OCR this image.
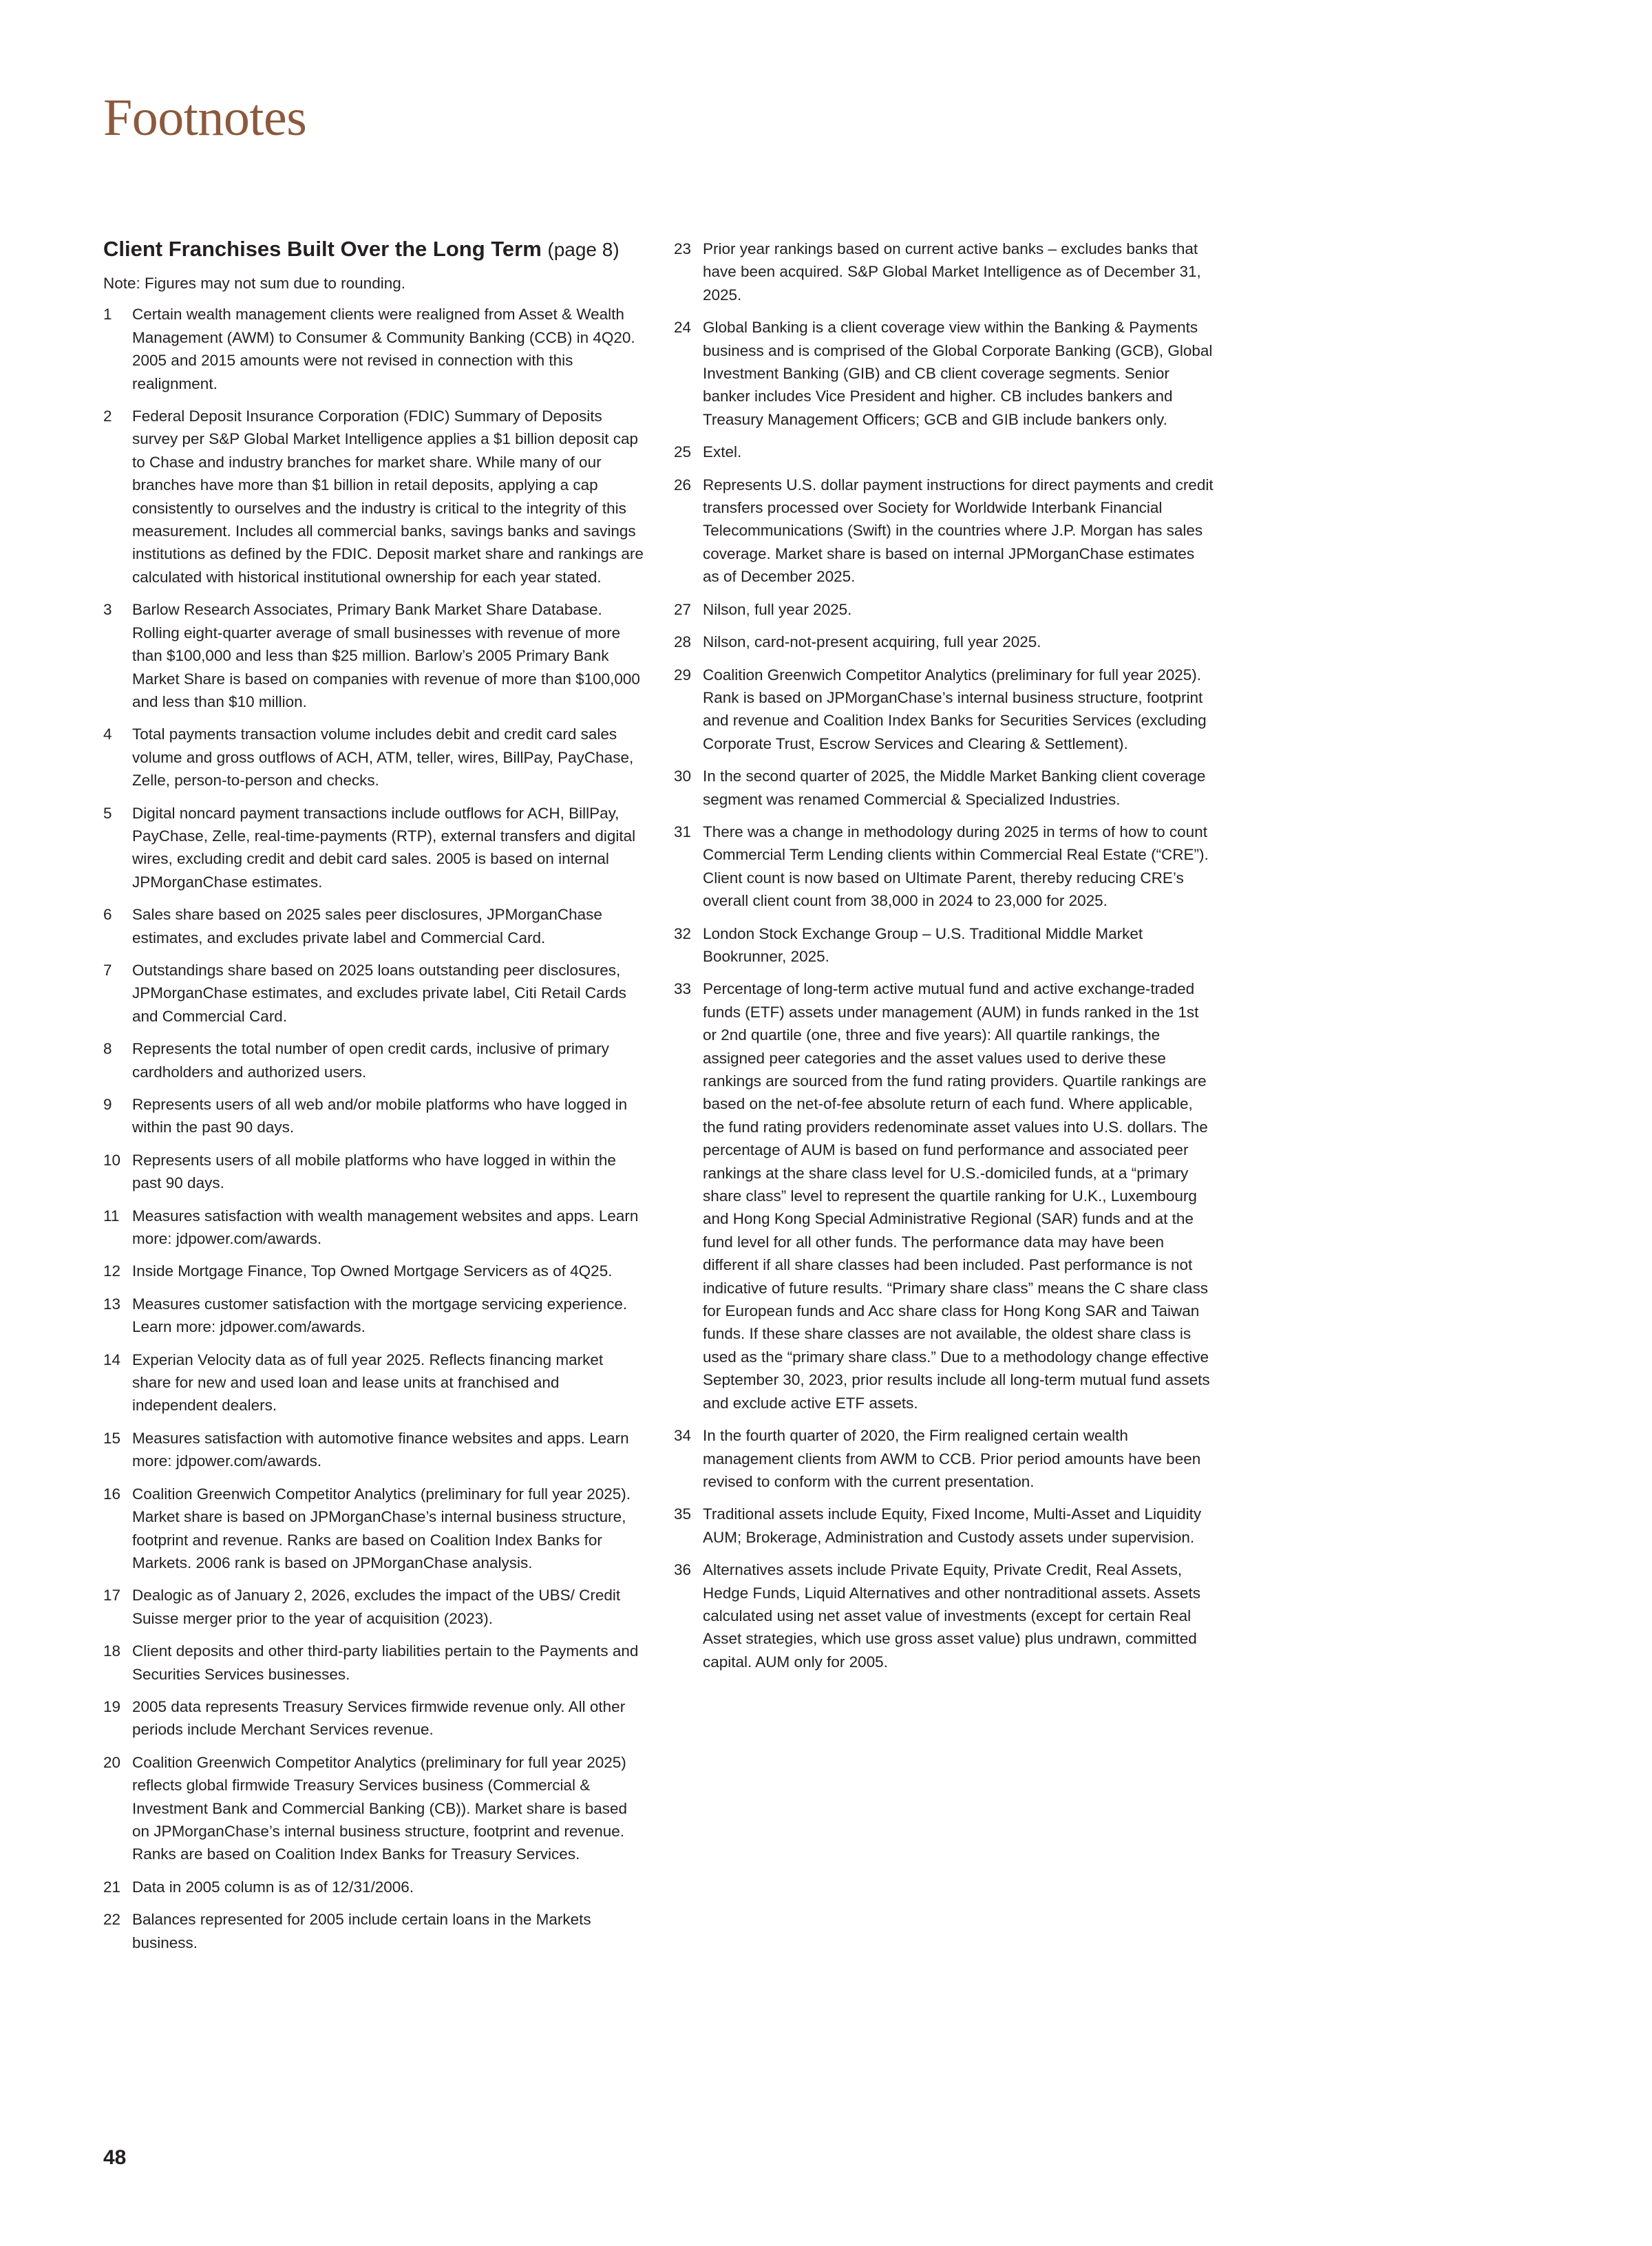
Footnotes
Client Franchises Built Over the Long Term (page 8)

Note: Figures may not sum due to rounding.

1	Certain wealth management clients were realigned from Asset & Wealth Management (AWM) to Consumer & Community Banking (CCB) in 4Q20. 2005 and 2015 amounts were not revised in connection with this realignment.
2	Federal Deposit Insurance Corporation (FDIC) Summary of Deposits survey per S&P Global Market Intelligence applies a $1 billion deposit cap to Chase and industry branches for market share. While many of our branches have more than $1 billion in retail deposits, applying a cap consistently to ourselves and the industry is critical to the integrity of this measurement. Includes all commercial banks, savings banks and savings institutions as defined by the FDIC. Deposit market share and rankings are calculated with historical institutional ownership for each year stated.
3	Barlow Research Associates, Primary Bank Market Share Database. Rolling eight-quarter average of small businesses with revenue of more than $100,000 and less than $25 million. Barlow’s 2005 Primary Bank Market Share is based on companies with revenue of more than $100,000 and less than $10 million.
4	Total payments transaction volume includes debit and credit card sales volume and gross outflows of ACH, ATM, teller, wires, BillPay, PayChase, Zelle, person-to-person and checks.
5	Digital noncard payment transactions include outflows for ACH, BillPay, PayChase, Zelle, real-time-payments (RTP), external transfers and digital wires, excluding credit and debit card sales. 2005 is based on internal JPMorganChase estimates.
6	Sales share based on 2025 sales peer disclosures, JPMorganChase estimates, and excludes private label and Commercial Card.
7	Outstandings share based on 2025 loans outstanding peer disclosures, JPMorganChase estimates, and excludes private label, Citi Retail Cards and Commercial Card.
8	Represents the total number of open credit cards, inclusive of primary cardholders and authorized users.
9	Represents users of all web and/or mobile platforms who have logged in within the past 90 days.
10 Represents users of all mobile platforms who have logged in within the past 90 days.
11 Measures satisfaction with wealth management websites and apps. Learn more: jdpower.com/awards.
12 Inside Mortgage Finance, Top Owned Mortgage Servicers as of 4Q25.
13 Measures customer satisfaction with the mortgage servicing experience. Learn more: jdpower.com/awards.
14 Experian Velocity data as of full year 2025. Reflects financing market share for new and used loan and lease units at franchised and independent dealers.
15 Measures satisfaction with automotive finance websites and apps. Learn more: jdpower.com/awards.
16 Coalition Greenwich Competitor Analytics (preliminary for full year 2025). Market share is based on JPMorganChase’s internal business structure, footprint and revenue. Ranks are based on Coalition Index Banks for Markets. 2006 rank is based on JPMorganChase analysis.
17 Dealogic as of January 2, 2026, excludes the impact of the UBS/ Credit Suisse merger prior to the year of acquisition (2023).
18 Client deposits and other third-party liabilities pertain to the Payments and Securities Services businesses.
19 2005 data represents Treasury Services firmwide revenue only. All other periods include Merchant Services revenue.
20 Coalition Greenwich Competitor Analytics (preliminary for full year 2025) reflects global firmwide Treasury Services business (Commercial & Investment Bank and Commercial Banking (CB)). Market share is based on JPMorganChase’s internal business structure, footprint and revenue. Ranks are based on Coalition Index Banks for Treasury Services.
21 Data in 2005 column is as of 12/31/2006.
22 Balances represented for 2005 include certain loans in the Markets business.
23 Prior year rankings based on current active banks – excludes banks that have been acquired. S&P Global Market Intelligence as of December 31, 2025.
24 Global Banking is a client coverage view within the Banking & Payments business and is comprised of the Global Corporate Banking (GCB), Global Investment Banking (GIB) and CB client coverage segments. Senior banker includes Vice President and higher. CB includes bankers and Treasury Management Officers; GCB and GIB include bankers only.
25 Extel.
26 Represents U.S. dollar payment instructions for direct payments and credit transfers processed over Society for Worldwide Interbank Financial Telecommunications (Swift) in the countries where J.P. Morgan has sales coverage. Market share is based on internal JPMorganChase estimates as of December 2025.
27 Nilson, full year 2025.
28 Nilson, card-not-present acquiring, full year 2025.
29 Coalition Greenwich Competitor Analytics (preliminary for full year 2025). Rank is based on JPMorganChase’s internal business structure, footprint and revenue and Coalition Index Banks for Securities Services (excluding Corporate Trust, Escrow Services and Clearing & Settlement).
30 In the second quarter of 2025, the Middle Market Banking client coverage segment was renamed Commercial & Specialized Industries.
31 There was a change in methodology during 2025 in terms of how to count Commercial Term Lending clients within Commercial Real Estate (“CRE”). Client count is now based on Ultimate Parent, thereby reducing CRE’s overall client count from 38,000 in 2024 to 23,000 for 2025.
32 London Stock Exchange Group – U.S. Traditional Middle Market Bookrunner, 2025.
33 Percentage of long-term active mutual fund and active exchange-traded funds (ETF) assets under management (AUM) in funds ranked in the 1st or 2nd quartile (one, three and five years): All quartile rankings, the assigned peer categories and the asset values used to derive these rankings are sourced from the fund rating providers. Quartile rankings are based on the net-of-fee absolute return of each fund. Where applicable, the fund rating providers redenominate asset values into U.S. dollars. The percentage of AUM is based on fund performance and associated peer rankings at the share class level for U.S.-domiciled funds, at a “primary share class” level to represent the quartile ranking for U.K., Luxembourg and Hong Kong Special Administrative Regional (SAR) funds and at the fund level for all other funds. The performance data may have been different if all share classes had been included. Past performance is not indicative of future results. “Primary share class” means the C share class for European funds and Acc share class for Hong Kong SAR and Taiwan funds. If these share classes are not available, the oldest share class is used as the “primary share class.” Due to a methodology change effective September 30, 2023, prior results include all long-term mutual fund assets and exclude active ETF assets.
34 In the fourth quarter of 2020, the Firm realigned certain wealth management clients from AWM to CCB. Prior period amounts have been revised to conform with the current presentation.
35 Traditional assets include Equity, Fixed Income, Multi-Asset and Liquidity AUM; Brokerage, Administration and Custody assets under supervision.
36 Alternatives assets include Private Equity, Private Credit, Real Assets, Hedge Funds, Liquid Alternatives and other nontraditional assets. Assets calculated using net asset value of investments (except for certain Real Asset strategies, which use gross asset value) plus undrawn, committed capital. AUM only for 2005.
48
